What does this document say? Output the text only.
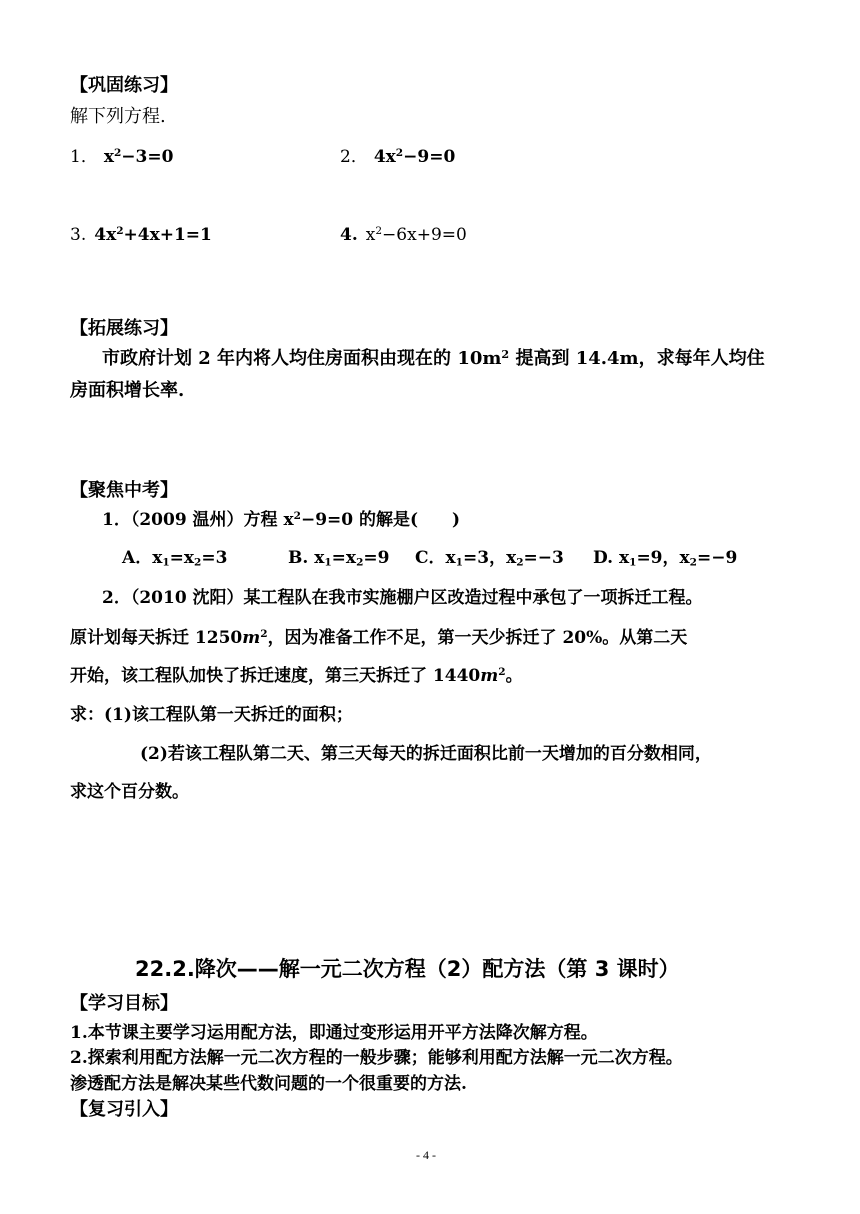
【巩固练习】
解下列方程.
1． $x^2-3=0$	2． $4x^2-9=0$
3. $4x^2+4x+1=1$	4. $x^2-6x+9=0$
【拓展练习】
市政府计划 2 年内将人均住房面积由现在的 $10m^2$ 提高到 14.4m，求每年人均住
房面积增长率.
【聚焦中考】
1．（2009 温州）方程 $x^2-9=0$ 的解是(　　)
A．$x_1=x_2=3$	B. $x_1=x_2=9$ C．$x_1=3$，$x_2=-3$ D. $x_1=9$，$x_2=-9$
2．（2010 沈阳）某工程队在我市实施棚户区改造过程中承包了一项拆迁工程。
原计划每天拆迁 $1250m^2$，因为准备工作不足，第一天少拆迁了 20%。从第二天
开始，该工程队加快了拆迁速度，第三天拆迁了 $1440m^2$。
求：(1)该工程队第一天拆迁的面积；
(2)若该工程队第二天、第三天每天的拆迁面积比前一天增加的百分数相同，
求这个百分数。
22.2.降次——解一元二次方程（2）配方法（第 3 课时）
【学习目标】
1.本节课主要学习运用配方法，即通过变形运用开平方法降次解方程。
2.探索利用配方法解一元二次方程的一般步骤；能够利用配方法解一元二次方程。
渗透配方法是解决某些代数问题的一个很重要的方法.
【复习引入】
- 4 -
